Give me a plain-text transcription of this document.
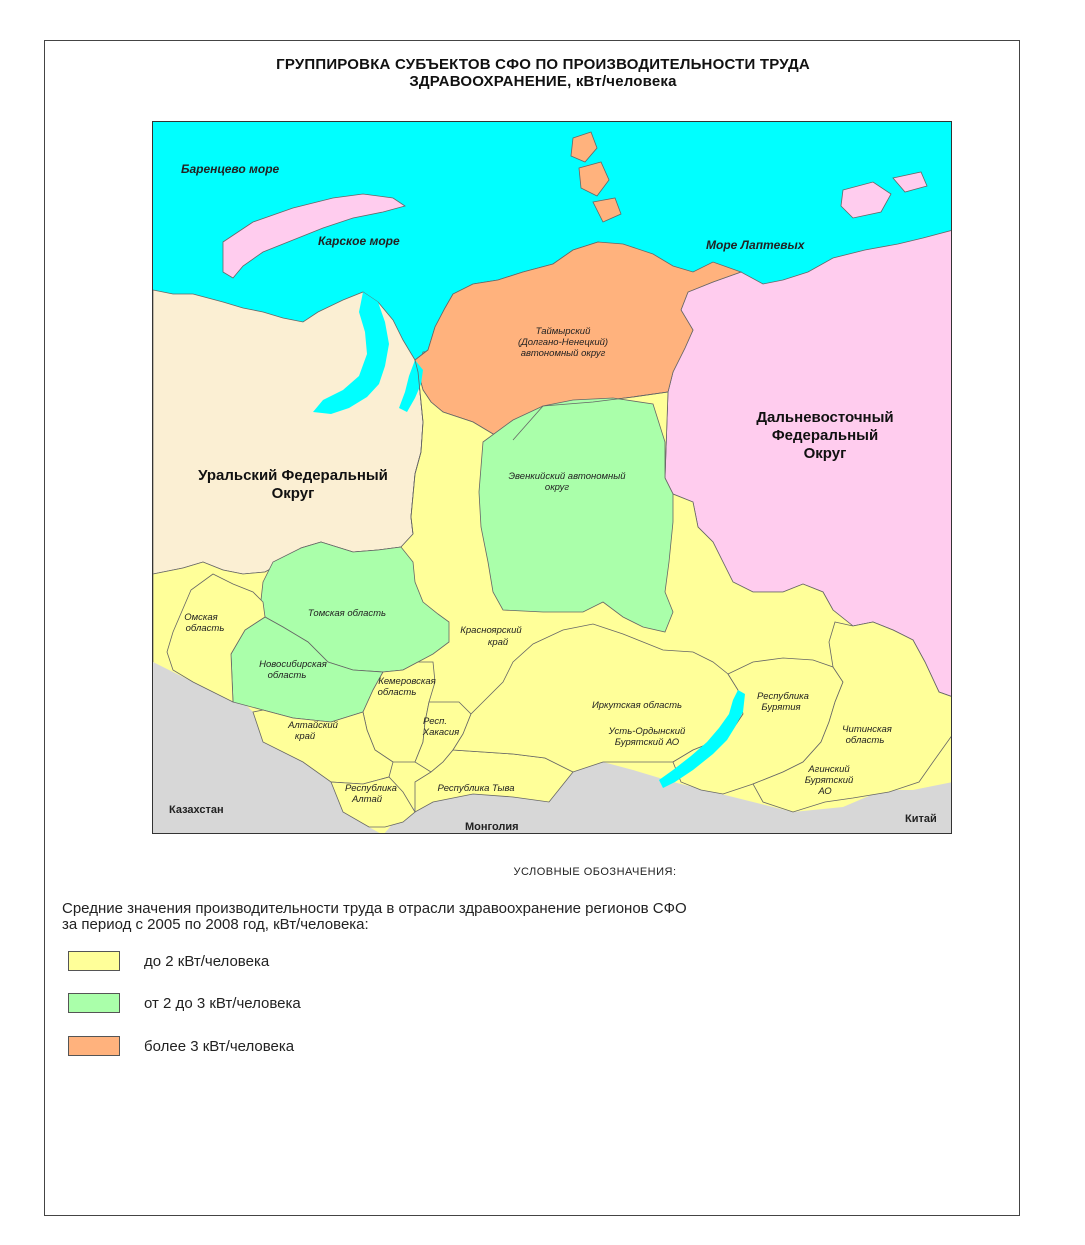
ГРУППИРОВКА СУБЪЕКТОВ СФО ПО ПРОИЗВОДИТЕЛЬНОСТИ ТРУДА
ЗДРАВООХРАНЕНИЕ, кВт/человека
Баренцево море
Карское море	Море Лаптевых
Уральский Федеральный
Округ
Дальневосточный
Федеральный
Округ
Таймырский
(Долгано-Ненецкий)
автономный округ
Эвенкийский автономный
округ
Красноярский
край
Томская область
Омская
область
Новосибирская
область
Кемеровская
область
Алтайский
край
Респ.
Хакасия
Республика
Алтай
Республика Тыва
Иркутская область
Усть-Ордынский
Бурятский АО
Республика
Бурятия
Читинская
область
Агинский
Бурятский
АО
Казахстан
Монголия
Китай
УСЛОВНЫЕ ОБОЗНАЧЕНИЯ:
Средние значения производительности труда в отрасли здравоохранение регионов СФО
за период с 2005 по 2008 год, кВт/человека:
до 2 кВт/человека
от 2 до 3 кВт/человека
более 3 кВт/человека
